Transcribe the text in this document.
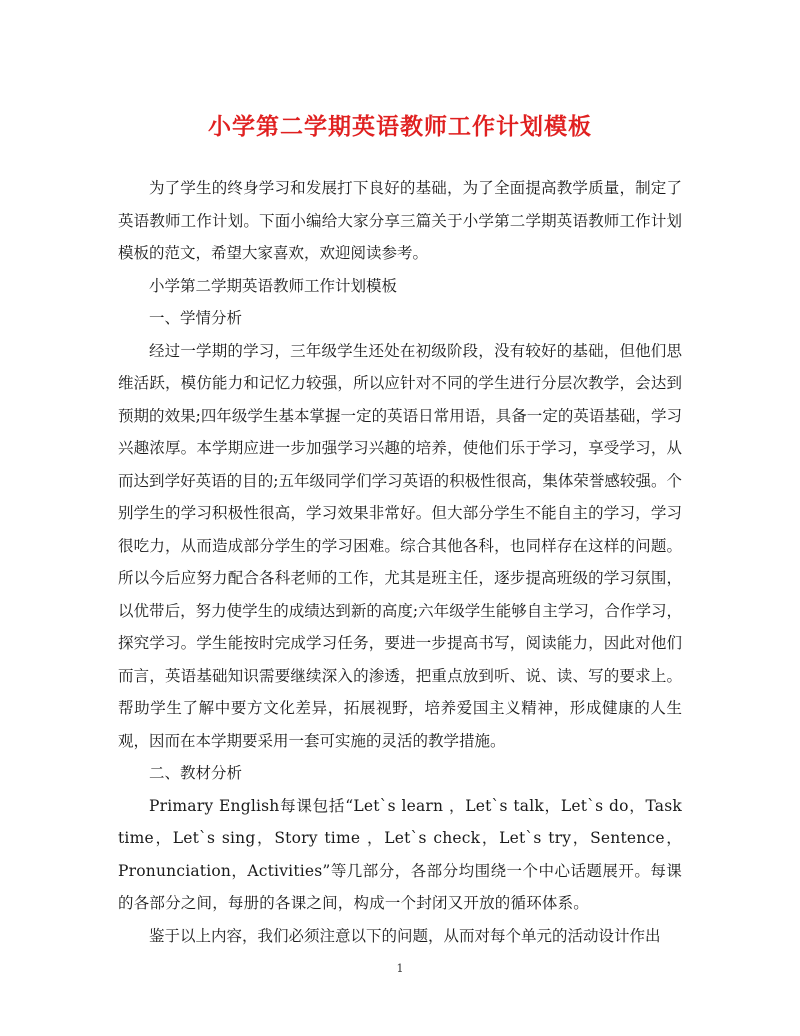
小学第二学期英语教师工作计划模板

为了学生的终身学习和发展打下良好的基础，为了全面提高教学质量，制定了英语教师工作计划。下面小编给大家分享三篇关于小学第二学期英语教师工作计划模板的范文，希望大家喜欢，欢迎阅读参考。

小学第二学期英语教师工作计划模板

一、学情分析

经过一学期的学习，三年级学生还处在初级阶段，没有较好的基础，但他们思维活跃，模仿能力和记忆力较强，所以应针对不同的学生进行分层次教学，会达到预期的效果;四年级学生基本掌握一定的英语日常用语，具备一定的英语基础，学习兴趣浓厚。本学期应进一步加强学习兴趣的培养，使他们乐于学习，享受学习，从而达到学好英语的目的;五年级同学们学习英语的积极性很高，集体荣誉感较强。个别学生的学习积极性很高，学习效果非常好。但大部分学生不能自主的学习，学习很吃力，从而造成部分学生的学习困难。综合其他各科，也同样存在这样的问题。所以今后应努力配合各科老师的工作，尤其是班主任，逐步提高班级的学习氛围，以优带后，努力使学生的成绩达到新的高度;六年级学生能够自主学习，合作学习，探究学习。学生能按时完成学习任务，要进一步提高书写，阅读能力，因此对他们而言，英语基础知识需要继续深入的渗透，把重点放到听、说、读、写的要求上。帮助学生了解中要方文化差异，拓展视野，培养爱国主义精神，形成健康的人生观，因而在本学期要采用一套可实施的灵活的教学措施。

二、教材分析

Primary English每课包括“Let`s learn ，Let`s talk，Let`s do，Task time，Let`s sing，Story time ，Let`s check，Let`s try，Sentence，Pronunciation，Activities”等几部分，各部分均围绕一个中心话题展开。每课的各部分之间，每册的各课之间，构成一个封闭又开放的循环体系。

鉴于以上内容，我们必须注意以下的问题，从而对每个单元的活动设计作出

1
